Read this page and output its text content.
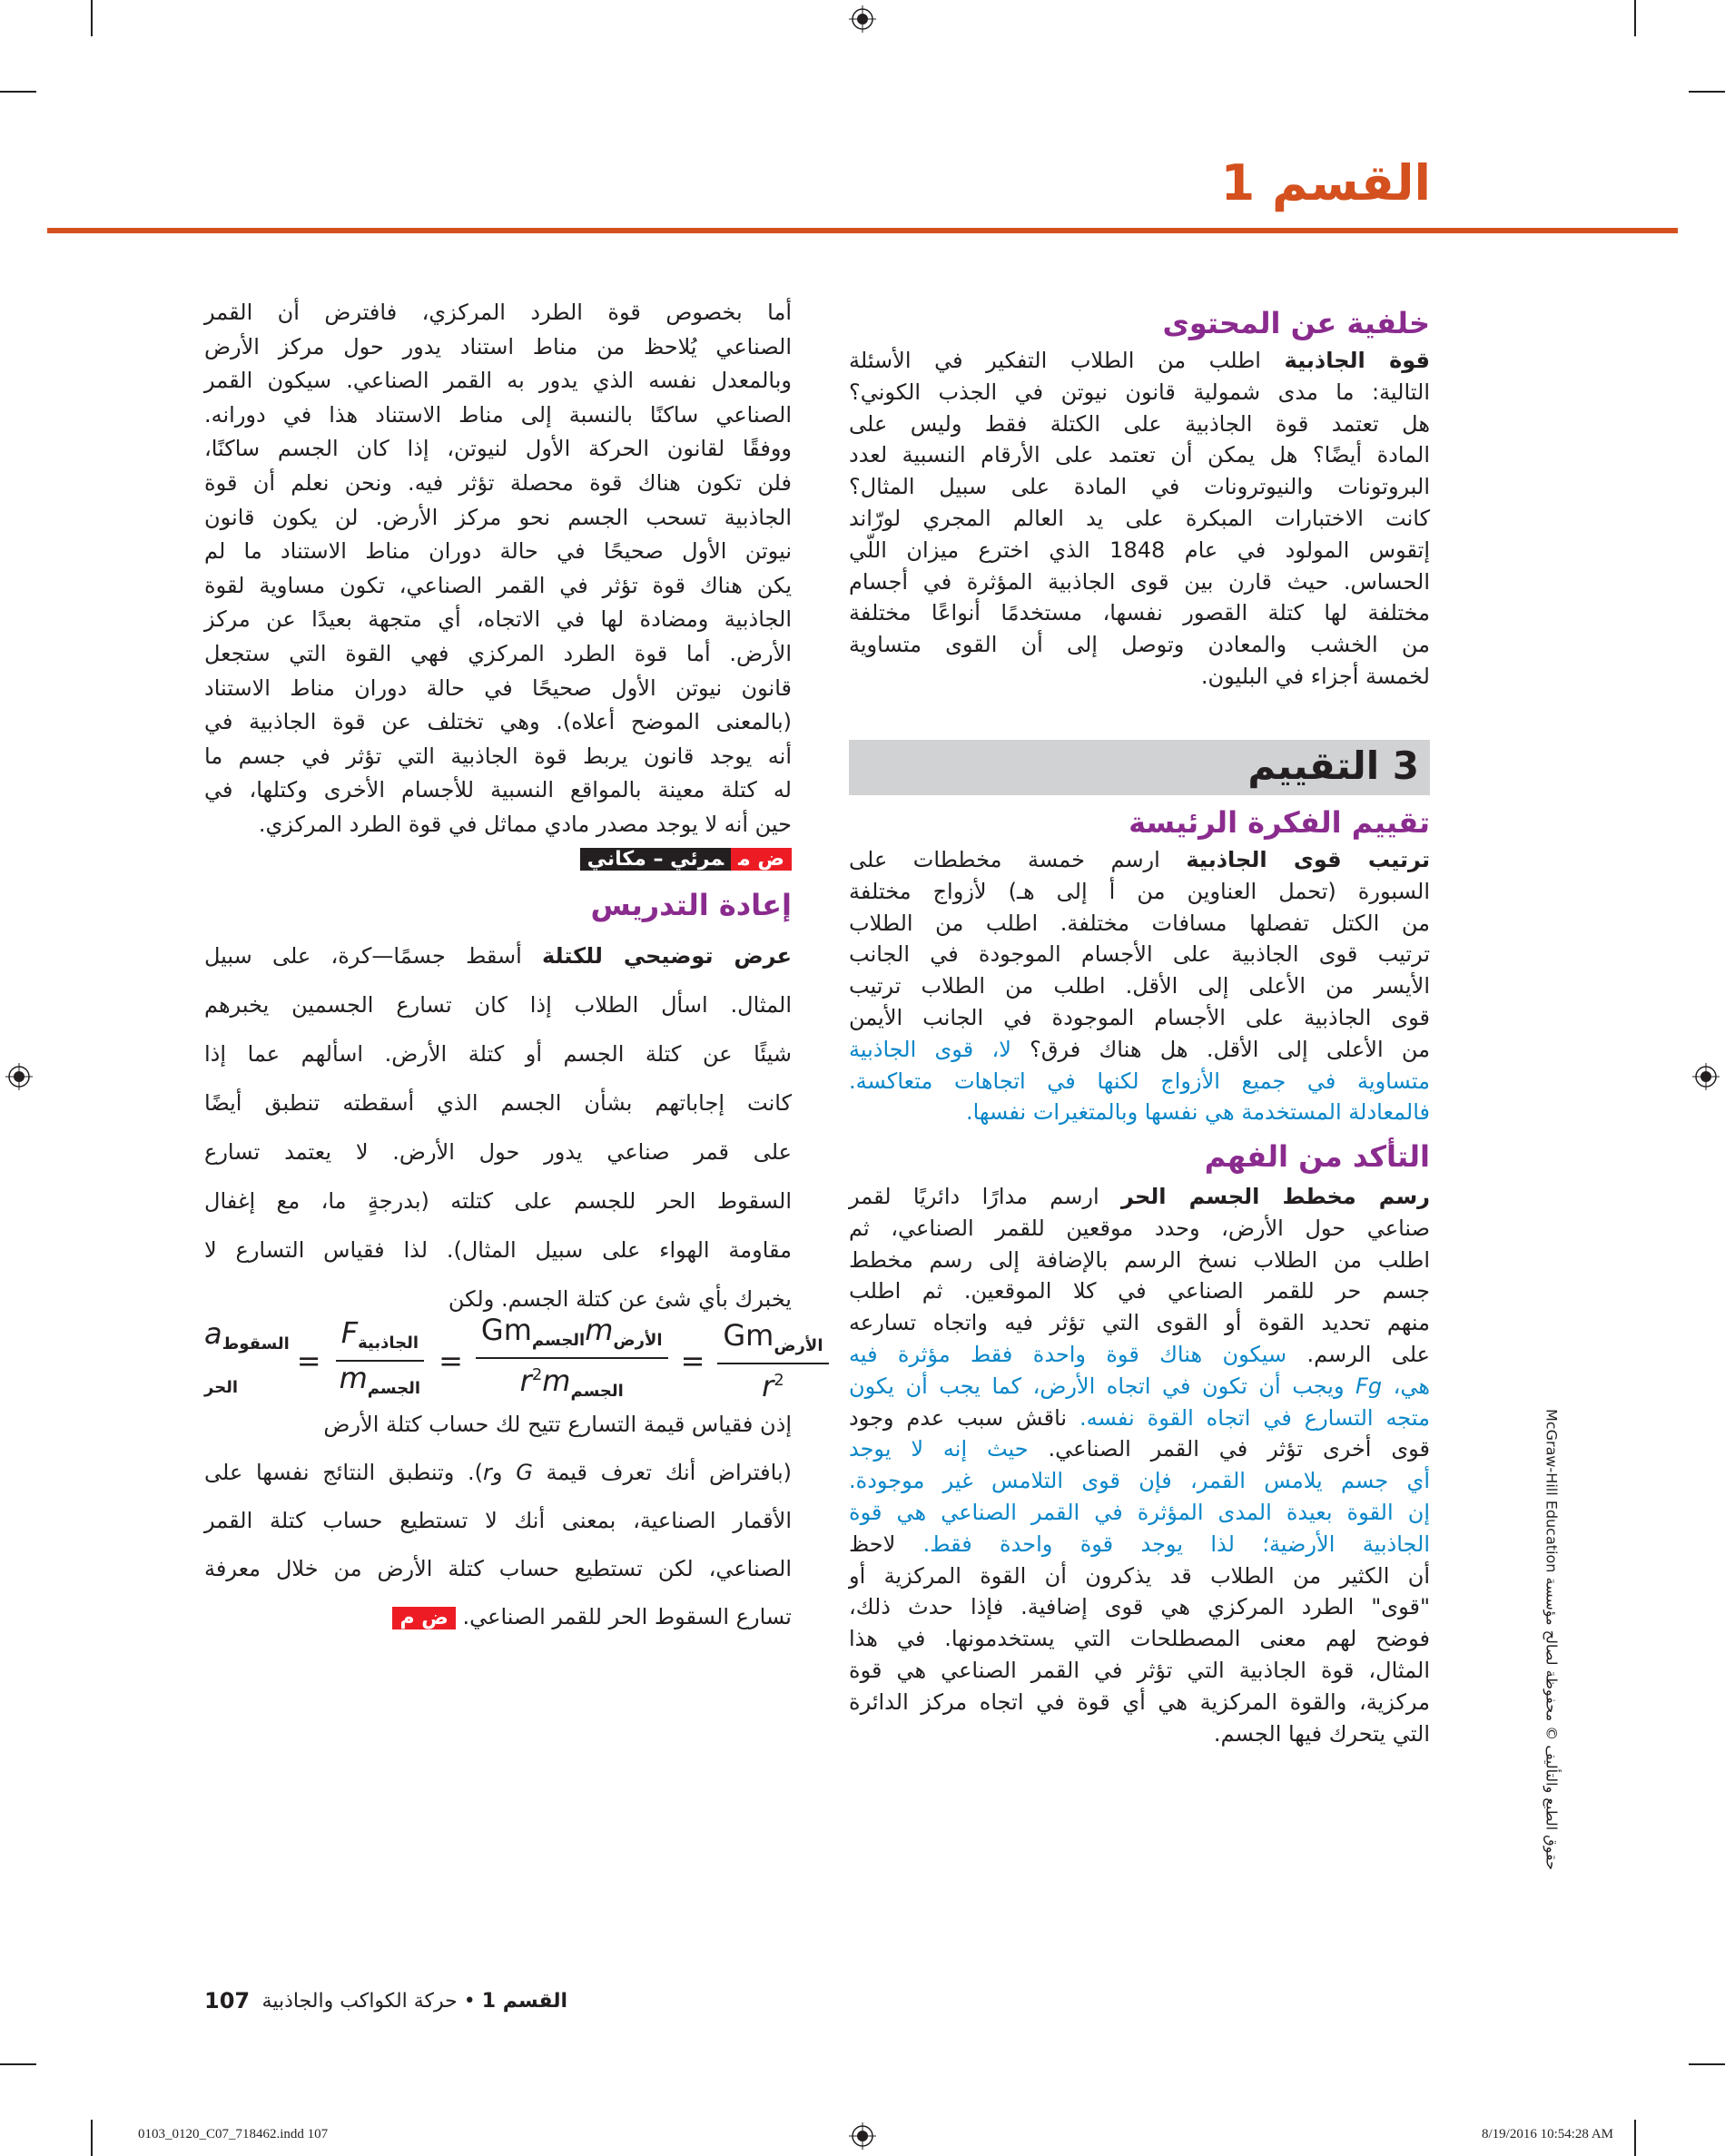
القسم 1
خلفية عن المحتوى
قوة الجاذبية اطلب من الطلاب التفكير في الأسئلة
التالية: ما مدى شمولية قانون نيوتن في الجذب الكوني؟
هل تعتمد قوة الجاذبية على الكتلة فقط وليس على
المادة أيضًا؟ هل يمكن أن تعتمد على الأرقام النسبية لعدد
البروتونات والنيوترونات في المادة على سبيل المثال؟
كانت الاختبارات المبكرة على يد العالم المجري لورّاند
إتقوس المولود في عام 1848 الذي اخترع ميزان اللّي
الحساس. حيث قارن بين قوى الجاذبية المؤثرة في أجسام
مختلفة لها كتلة القصور نفسها، مستخدمًا أنواعًا مختلفة
من الخشب والمعادن وتوصل إلى أن القوى متساوية
لخمسة أجزاء في البليون.
3 التقييم
تقييم الفكرة الرئيسة
ترتيب قوى الجاذبية ارسم خمسة مخططات على
السبورة (تحمل العناوين من أ إلى هـ) لأزواج مختلفة
من الكتل تفصلها مسافات مختلفة. اطلب من الطلاب
ترتيب قوى الجاذبية على الأجسام الموجودة في الجانب
الأيسر من الأعلى إلى الأقل. اطلب من الطلاب ترتيب
قوى الجاذبية على الأجسام الموجودة في الجانب الأيمن
من الأعلى إلى الأقل. هل هناك فرق؟ لا، قوى الجاذبية
متساوية في جميع الأزواج لكنها في اتجاهات متعاكسة.
فالمعادلة المستخدمة هي نفسها وبالمتغيرات نفسها.
التأكد من الفهم
رسم مخطط الجسم الحر ارسم مدارًا دائريًا لقمر
صناعي حول الأرض، وحدد موقعين للقمر الصناعي، ثم
اطلب من الطلاب نسخ الرسم بالإضافة إلى رسم مخطط
جسم حر للقمر الصناعي في كلا الموقعين. ثم اطلب
منهم تحديد القوة أو القوى التي تؤثر فيه واتجاه تسارعه
على الرسم. سيكون هناك قوة واحدة فقط مؤثرة فيه
هي، Fg ويجب أن تكون في اتجاه الأرض، كما يجب أن يكون
متجه التسارع في اتجاه القوة نفسه. ناقش سبب عدم وجود
قوى أخرى تؤثر في القمر الصناعي. حيث إنه لا يوجد
أي جسم يلامس القمر، فإن قوى التلامس غير موجودة.
إن القوة بعيدة المدى المؤثرة في القمر الصناعي هي قوة
الجاذبية الأرضية؛ لذا يوجد قوة واحدة فقط. لاحظ
أن الكثير من الطلاب قد يذكرون أن القوة المركزية أو
"قوى" الطرد المركزي هي قوى إضافية. فإذا حدث ذلك،
فوضح لهم معنى المصطلحات التي يستخدمونها. في هذا
المثال، قوة الجاذبية التي تؤثر في القمر الصناعي هي قوة
مركزية، والقوة المركزية هي أي قوة في اتجاه مركز الدائرة
التي يتحرك فيها الجسم.
أما بخصوص قوة الطرد المركزي، فافترض أن القمر
الصناعي يُلاحظ من مناط استناد يدور حول مركز الأرض
وبالمعدل نفسه الذي يدور به القمر الصناعي. سيكون القمر
الصناعي ساكنًا بالنسبة إلى مناط الاستناد هذا في دورانه.
ووفقًا لقانون الحركة الأول لنيوتن، إذا كان الجسم ساكنًا،
فلن تكون هناك قوة محصلة تؤثر فيه. ونحن نعلم أن قوة
الجاذبية تسحب الجسم نحو مركز الأرض. لن يكون قانون
نيوتن الأول صحيحًا في حالة دوران مناط الاستناد ما لم
يكن هناك قوة تؤثر في القمر الصناعي، تكون مساوية لقوة
الجاذبية ومضادة لها في الاتجاه، أي متجهة بعيدًا عن مركز
الأرض. أما قوة الطرد المركزي فهي القوة التي ستجعل
قانون نيوتن الأول صحيحًا في حالة دوران مناط الاستناد
(بالمعنى الموضح أعلاه). وهي تختلف عن قوة الجاذبية في
أنه يوجد قانون يربط قوة الجاذبية التي تؤثر في جسم ما
له كتلة معينة بالمواقع النسبية للأجسام الأخرى وكتلها، في
حين أنه لا يوجد مصدر مادي مماثل في قوة الطرد المركزي.
ض ممرئي – مكاني
إعادة التدريس
عرض توضيحي للكتلة أسقط جسمًا—كرة، على سبيل
المثال. اسأل الطلاب إذا كان تسارع الجسمين يخبرهم
شيئًا عن كتلة الجسم أو كتلة الأرض. اسألهم عما إذا
كانت إجاباتهم بشأن الجسم الذي أسقطته تنطبق أيضًا
على قمر صناعي يدور حول الأرض. لا يعتمد تسارع
السقوط الحر للجسم على كتلته (بدرجةٍ ما، مع إغفال
مقاومة الهواء على سبيل المثال). لذا فقياس التسارع لا
يخبرك بأي شئ عن كتلة الجسم. ولكن
$a_{السقوط الحر}$
= $\frac{F_{الجاذبية}}{m_{الجسم}} = \frac{Gm_{الجسم}m_{الأرض}}{r^2m_{الجسم}} = \frac{Gm_{الأرض}}{r^2}$
إذن فقياس قيمة التسارع تتيح لك حساب كتلة الأرض
(بافتراض أنك تعرف قيمة G وr). وتنطبق النتائج نفسها على
الأقمار الصناعية، بمعنى أنك لا تستطيع حساب كتلة القمر
الصناعي، لكن تستطيع حساب كتلة الأرض من خلال معرفة
تسارع السقوط الحر للقمر الصناعي. ض م
107	القسم 1 • حركة الكواكب والجاذبية
حقوق الطبع والتأليف © محفوظة لصالح مؤسسة McGraw-Hill Education
0103_0120_C07_718462.indd 107	8/19/2016 10:54:28 AM
